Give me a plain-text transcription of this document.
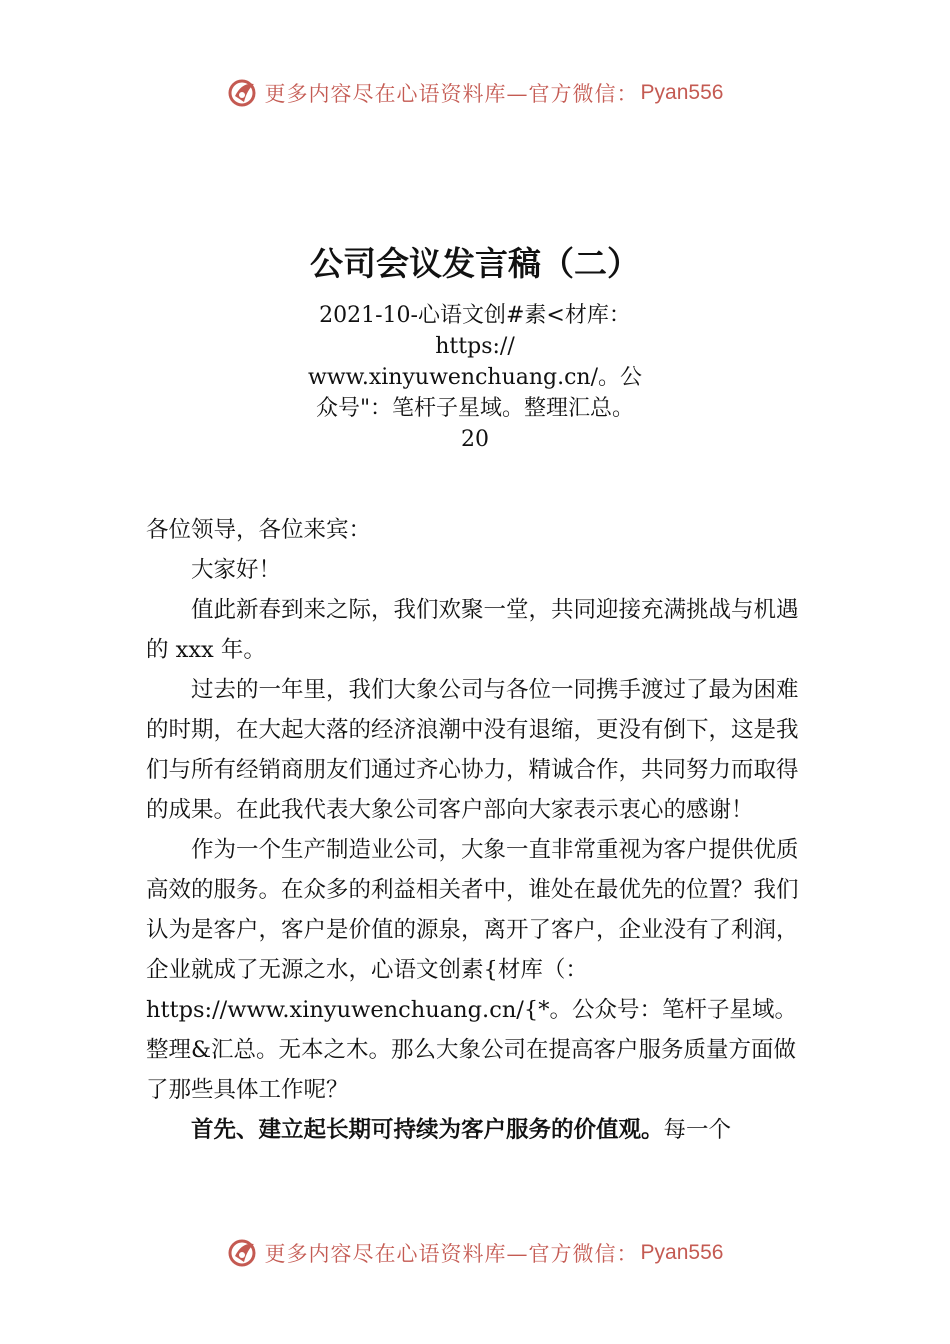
更多内容尽在心语资料库—官方微信： Pyan556
公司会议发言稿（二）
2021-10-心语文创#素<材库：
https://
www.xinyuwenchuang.cn/。公
众号"：笔杆子星域。整理汇总。
20

各位领导，各位来宾：

大家好！

值此新春到来之际，我们欢聚一堂，共同迎接充满挑战与机遇的 xxx 年。

过去的一年里，我们大象公司与各位一同携手渡过了最为困难的时期，在大起大落的经济浪潮中没有退缩，更没有倒下，这是我们与所有经销商朋友们通过齐心协力，精诚合作，共同努力而取得的成果。在此我代表大象公司客户部向大家表示衷心的感谢！

作为一个生产制造业公司，大象一直非常重视为客户提供优质高效的服务。在众多的利益相关者中，谁处在最优先的位置？我们认为是客户，客户是价值的源泉，离开了客户，企业没有了利润，企业就成了无源之水，心语文创素{材库（：https://www.xinyuwenchuang.cn/{*。公众号：笔杆子星域。整理&汇总。无本之木。那么大象公司在提高客户服务质量方面做了那些具体工作呢？

首先、建立起长期可持续为客户服务的价值观。每一个

更多内容尽在心语资料库—官方微信： Pyan556
